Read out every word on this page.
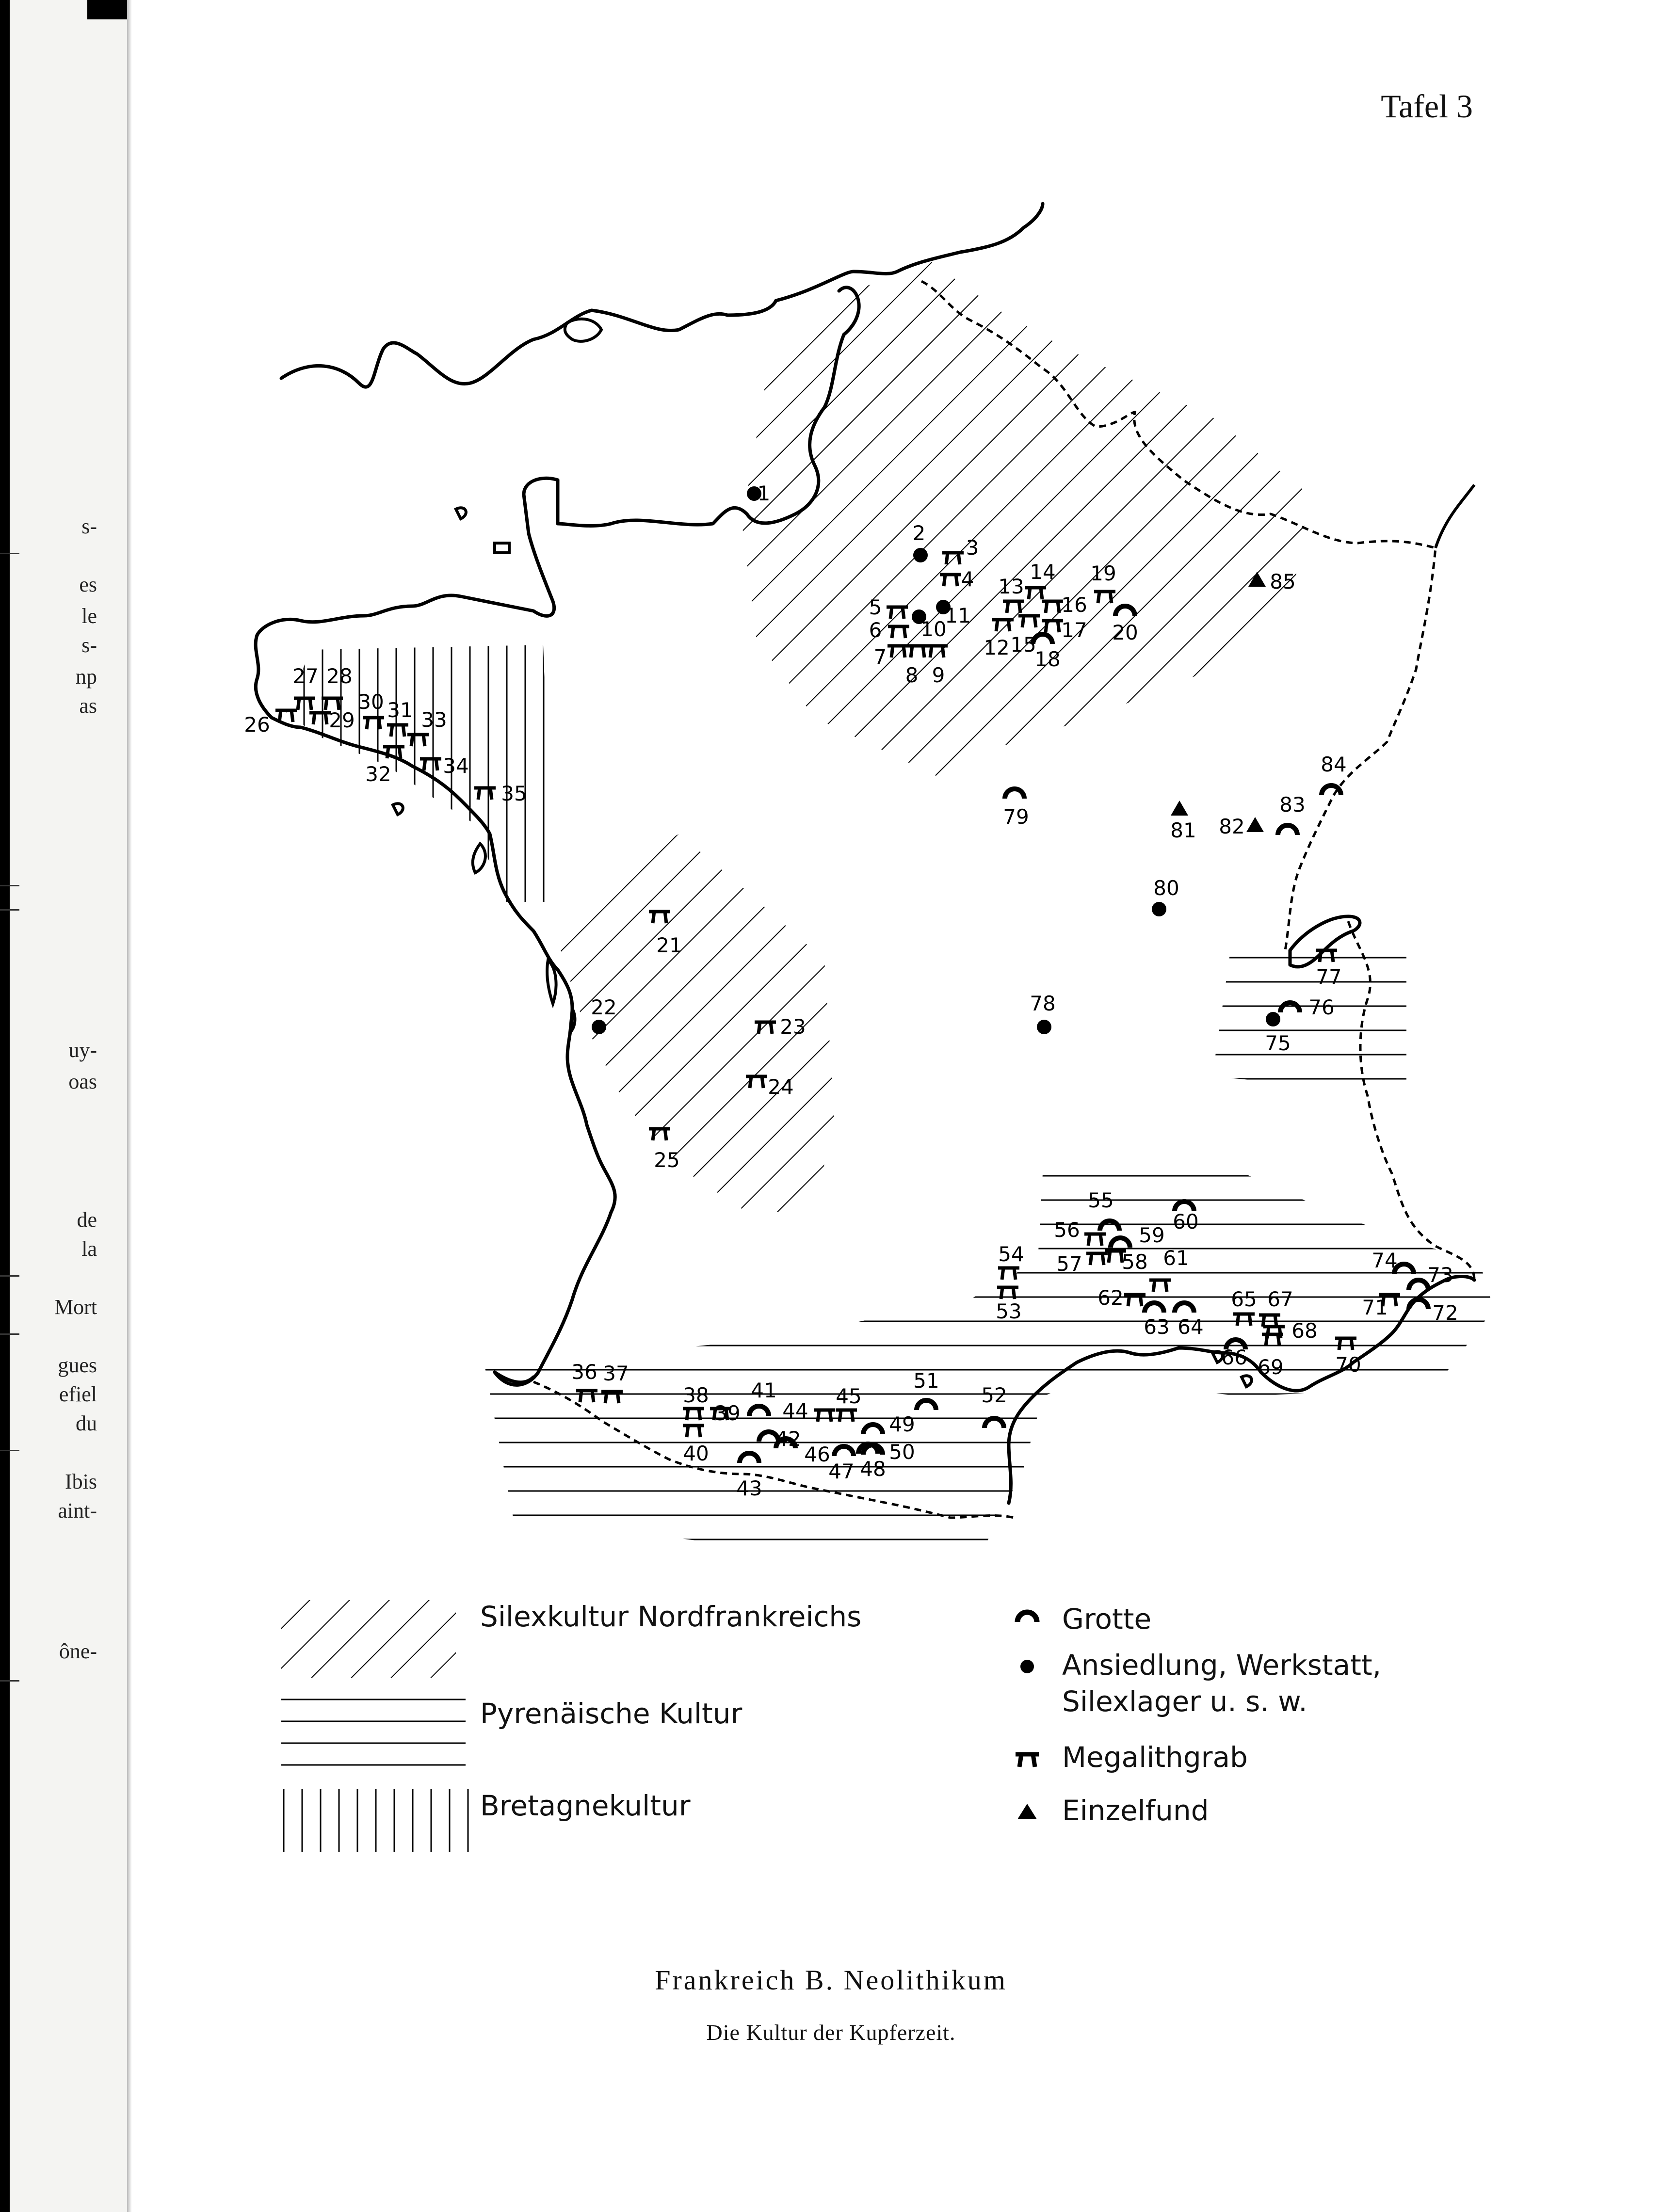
s-
es
le
s-
np
as
uy-
oas
de
la
Mort
gues
efiel
du
Ibis
aint-
ône-
Tafel 3
1
2
3
4
5
6
7
8 9
10
11
12
13
14
15
16
17
18
19
20
21
22
23
24
25
26
27 28
29
30 31
32
33
34
35
36 37
38
39
40
41
42
43
44
45
46
47 48
49
50
51
52
53
54
55
56
57 58
59
60
61
62
63 64
65
66
67
68
69	70
71 72
73
74
75
76
77
78
79
80
81 82
83
84
85
Silexkultur Nordfrankreichs
Pyrenäische Kultur
Bretagnekultur
Grotte
Ansiedlung, Werkstatt,
Silexlager u. s. w.
Megalithgrab
Einzelfund
Frankreich B. Neolithikum
Die Kultur der Kupferzeit.
